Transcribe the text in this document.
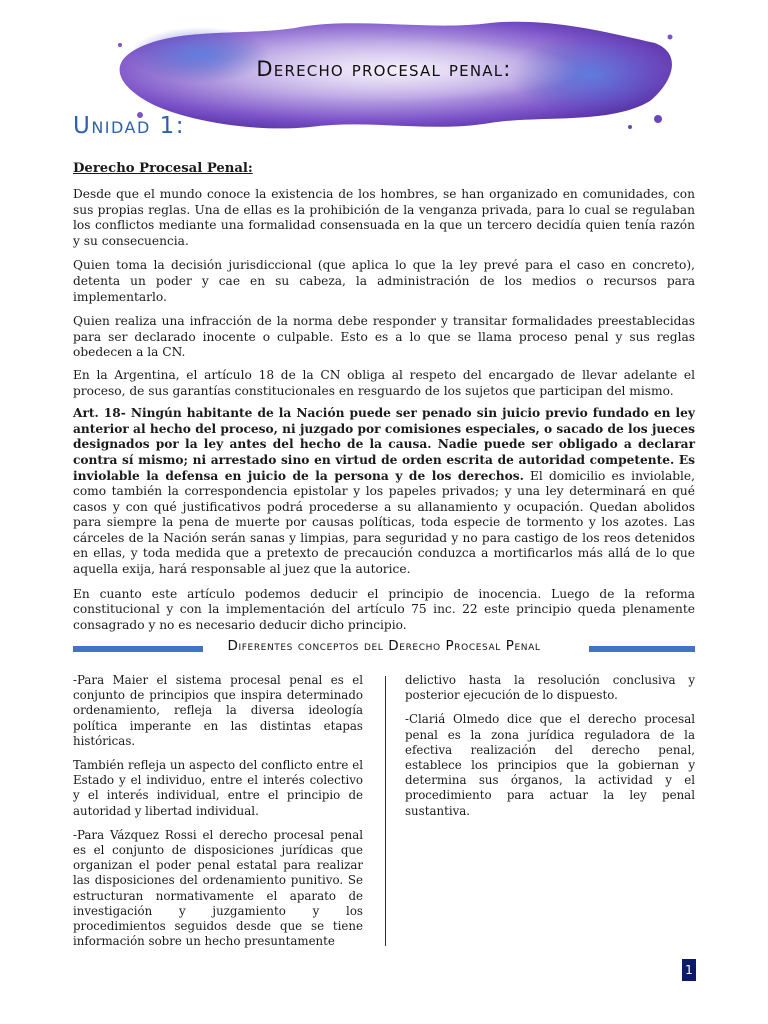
Derecho procesal penal:
Unidad 1:
Derecho Procesal Penal:

Desde que el mundo conoce la existencia de los hombres, se han organizado en comunidades, con sus propias reglas. Una de ellas es la prohibición de la venganza privada, para lo cual se regulaban los conflictos mediante una formalidad consensuada en la que un tercero decidía quien tenía razón y su consecuencia.

Quien toma la decisión jurisdiccional (que aplica lo que la ley prevé para el caso en concreto), detenta un poder y cae en su cabeza, la administración de los medios o recursos para implementarlo.

Quien realiza una infracción de la norma debe responder y transitar formalidades preestablecidas para ser declarado inocente o culpable. Esto es a lo que se llama proceso penal y sus reglas obedecen a la CN.

En la Argentina, el artículo 18 de la CN obliga al respeto del encargado de llevar adelante el proceso, de sus garantías constitucionales en resguardo de los sujetos que participan del mismo.

Art. 18- Ningún habitante de la Nación puede ser penado sin juicio previo fundado en ley anterior al hecho del proceso, ni juzgado por comisiones especiales, o sacado de los jueces designados por la ley antes del hecho de la causa. Nadie puede ser obligado a declarar contra sí mismo; ni arrestado sino en virtud de orden escrita de autoridad competente. Es inviolable la defensa en juicio de la persona y de los derechos. El domicilio es inviolable, como también la correspondencia epistolar y los papeles privados; y una ley determinará en qué casos y con qué justificativos podrá procederse a su allanamiento y ocupación. Quedan abolidos para siempre la pena de muerte por causas políticas, toda especie de tormento y los azotes. Las cárceles de la Nación serán sanas y limpias, para seguridad y no para castigo de los reos detenidos en ellas, y toda medida que a pretexto de precaución conduzca a mortificarlos más allá de lo que aquella exija, hará responsable al juez que la autorice.

En cuanto este artículo podemos deducir el principio de inocencia. Luego de la reforma constitucional y con la implementación del artículo 75 inc. 22 este principio queda plenamente consagrado y no es necesario deducir dicho principio.

Diferentes conceptos del Derecho Procesal Penal

-Para Maier el sistema procesal penal es el conjunto de principios que inspira determinado ordenamiento, refleja la diversa ideología política imperante en las distintas etapas históricas.

También refleja un aspecto del conflicto entre el Estado y el individuo, entre el interés colectivo y el interés individual, entre el principio de autoridad y libertad individual.

-Para Vázquez Rossi el derecho procesal penal es el conjunto de disposiciones jurídicas que organizan el poder penal estatal para realizar las disposiciones del ordenamiento punitivo. Se estructuran normativamente el aparato de investigación y juzgamiento y los procedimientos seguidos desde que se tiene información sobre un hecho presuntamente

delictivo hasta la resolución conclusiva y posterior ejecución de lo dispuesto.

-Clariá Olmedo dice que el derecho procesal penal es la zona jurídica reguladora de la efectiva realización del derecho penal, establece los principios que la gobiernan y determina sus órganos, la actividad y el procedimiento para actuar la ley penal sustantiva.

1
